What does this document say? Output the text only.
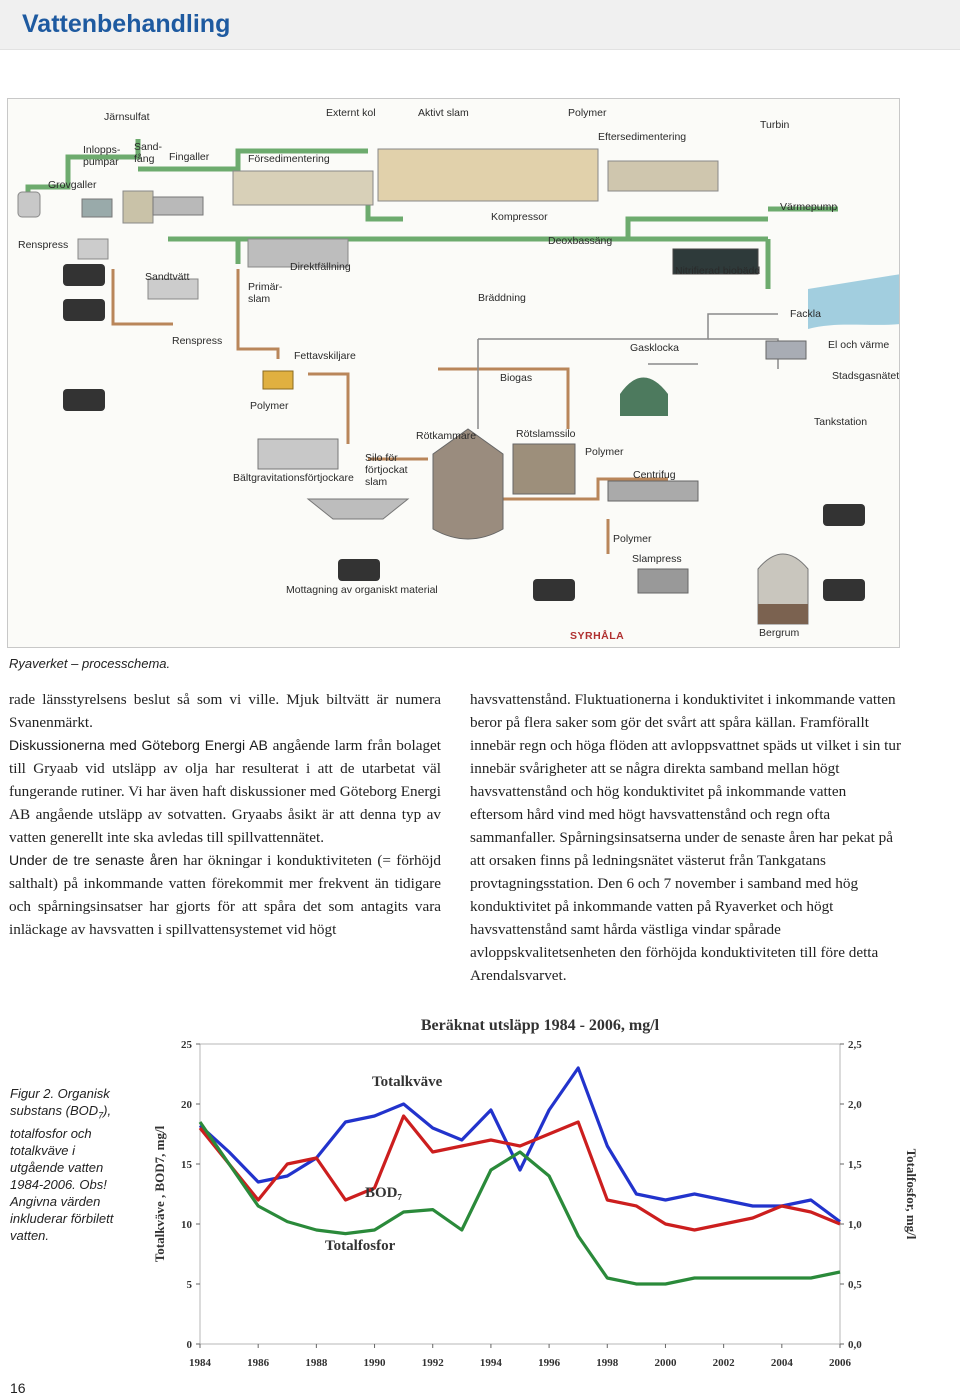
Vattenbehandling
Grovgaller
Inlopps-
pumpar
Järnsulfat
Sand-
fång	Fingaller	Försedimentering
Externt kol	Aktivt slam	Polymer
Eftersedimentering
Turbin
Värmepump
Kompressor
Renspress	Deoxbassäng
Sandtvätt
Direktfällning
Primär-
slam
Nitrifierad biobädd
Bräddning
Fackla
Renspress
Fettavskiljare
Gasklocka	El och värme
Biogas	Stadsgasnätet
Polymer
Rötkammare	Rötslamssilo
Tankstation
Polymer
Bältgravitationsförtjockare
Silo för
förtjockat
slam
Centrifug
Polymer
Slampress
Mottagning av organiskt material
SYRHÅLA	Bergrum
Ryaverket – processchema.

rade länsstyrelsens beslut så som vi ville. Mjuk biltvätt är numera Svanenmärkt.

Diskussionerna med Göteborg Energi AB angående larm från bolaget till Gryaab vid utsläpp av olja har resulterat i att de utarbetat väl fungerande rutiner. Vi har även haft diskussioner med Göteborg Energi AB angående utsläpp av sotvatten. Gryaabs åsikt är att denna typ av vatten generellt inte ska avledas till spillvattennätet.

Under de tre senaste åren har ökningar i konduktiviteten (= förhöjd salthalt) på inkommande vatten förekommit mer frekvent än tidigare och spårningsinsatser har gjorts för att spåra det som antagits vara inläckage av havsvatten i spillvattensystemet vid högt

havsvattenstånd. Fluktuationerna i konduktivitet i inkommande vatten beror på flera saker som gör det svårt att spåra källan. Framförallt innebär regn och höga flöden att avloppsvattnet späds ut vilket i sin tur innebär svårigheter att se några direkta samband mellan högt havsvattenstånd och hög konduktivitet på inkommande vatten eftersom hård vind med högt havsvattenstånd och regn ofta sammanfaller. Spårningsinsatserna under de senaste åren har pekat på att orsaken finns på ledningsnätet västerut från Tankgatans provtagningsstation. Den 6 och 7 november i samband med hög konduktivitet på inkommande vatten på Ryaverket och högt havsvattenstånd samt hårda västliga vindar spårade avloppskvalitetsenheten den förhöjda konduktiviteten till före detta Arendalsvarvet.

Figur 2. Organisk substans $(BOD_7)$, totalfosfor och totalkväve i utgående vatten 1984-2006. Obs! Angivna värden inkluderar förbilett vatten.
Beräknat utsläpp 1984 - 2006, mg/l
0
5
10
15
20
25
0,0
0,5
1,0
1,5
2,0
2,5
1984	1986	1988	1990	1992	1994	1996	1998	2000	2002	2004	2006
Totalkväve , BOD7, mg/l	Totalfosfor, mg/l
Totalkväve
BOD₇
Totalfosfor
16
